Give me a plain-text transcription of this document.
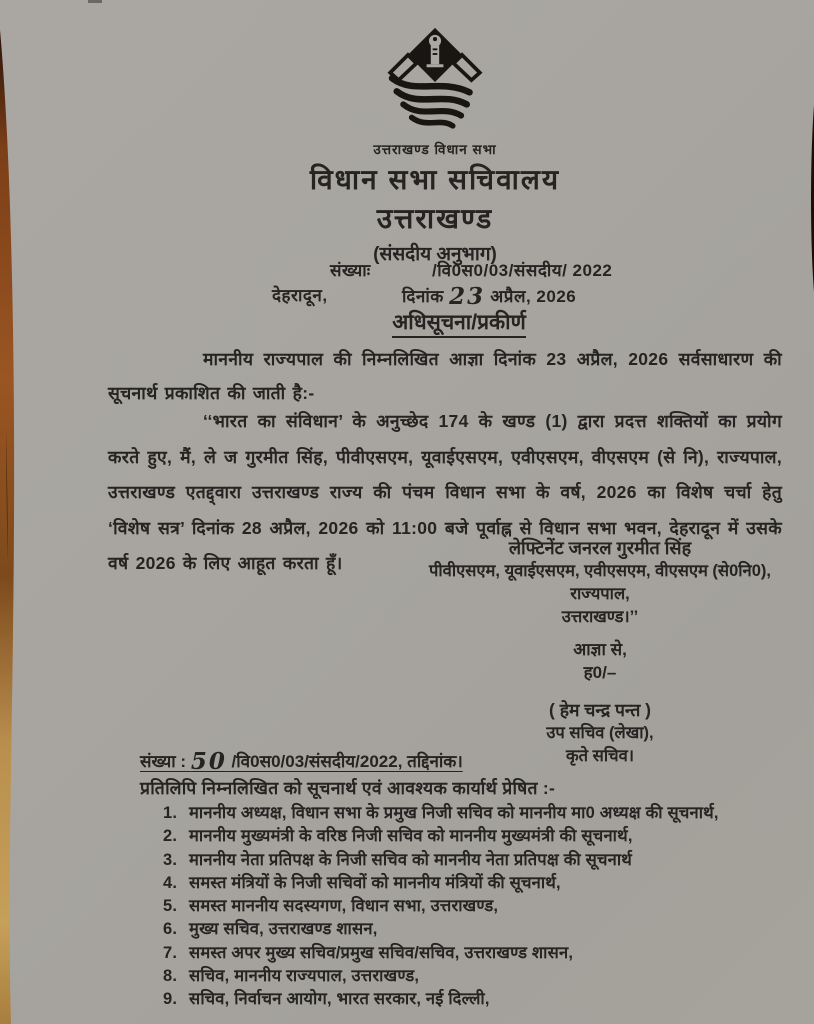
उत्तराखण्ड विधान सभा
विधान सभा सचिवालय
उत्तराखण्ड
(संसदीय अनुभाग)
संख्याः	/वि0स0/03/संसदीय/ 2022
देहरादून,	दिनांक 23 अप्रैल, 2026
अधिसूचना/प्रकीर्ण
माननीय राज्यपाल की निम्नलिखित आज्ञा दिनांक 23 अप्रैल, 2026 सर्वसाधारण की सूचनार्थ प्रकाशित की जाती है:-
‘‘भारत का संविधान’ के अनुच्छेद 174 के खण्ड (1) द्वारा प्रदत्त शक्तियों का प्रयोग करते हुए, मैं, ले ज गुरमीत सिंह, पीवीएसएम, यूवाईएसएम, एवीएसएम, वीएसएम (से नि), राज्यपाल, उत्तराखण्ड एतद्द्वारा उत्तराखण्ड राज्य की पंचम विधान सभा के वर्ष, 2026 का विशेष चर्चा हेतु ‘विशेष सत्र’ दिनांक 28 अप्रैल, 2026 को 11:00 बजे पूर्वाह्न से विधान सभा भवन, देहरादून में उसके वर्ष 2026 के लिए आहूत करता हूँ।
लेफ्टिनेंट जनरल गुरमीत सिंह
पीवीएसएम, यूवाईएसएम, एवीएसएम, वीएसएम (से0नि0),
राज्यपाल,
उत्तराखण्ड।’’
आज्ञा से,
ह0/–
( हेम चन्द्र पन्त )
उप सचिव (लेखा),
कृते सचिव।
संख्या : 50 /वि0स0/03/संसदीय/2022, तद्दिनांक।
प्रतिलिपि निम्नलिखित को सूचनार्थ एवं आवश्यक कार्यार्थ प्रेषित :-
1. माननीय अध्यक्ष, विधान सभा के प्रमुख निजी सचिव को माननीय मा0 अध्यक्ष की सूचनार्थ,
2. माननीय मुख्यमंत्री के वरिष्ठ निजी सचिव को माननीय मुख्यमंत्री की सूचनार्थ,
3. माननीय नेता प्रतिपक्ष के निजी सचिव को माननीय नेता प्रतिपक्ष की सूचनार्थ
4. समस्त मंत्रियों के निजी सचिवों को माननीय मंत्रियों की सूचनार्थ,
5. समस्त माननीय सदस्यगण, विधान सभा, उत्तराखण्ड,
6. मुख्य सचिव, उत्तराखण्ड शासन,
7. समस्त अपर मुख्य सचिव/प्रमुख सचिव/सचिव, उत्तराखण्ड शासन,
8. सचिव, माननीय राज्यपाल, उत्तराखण्ड,
9. सचिव, निर्वाचन आयोग, भारत सरकार, नई दिल्ली,
